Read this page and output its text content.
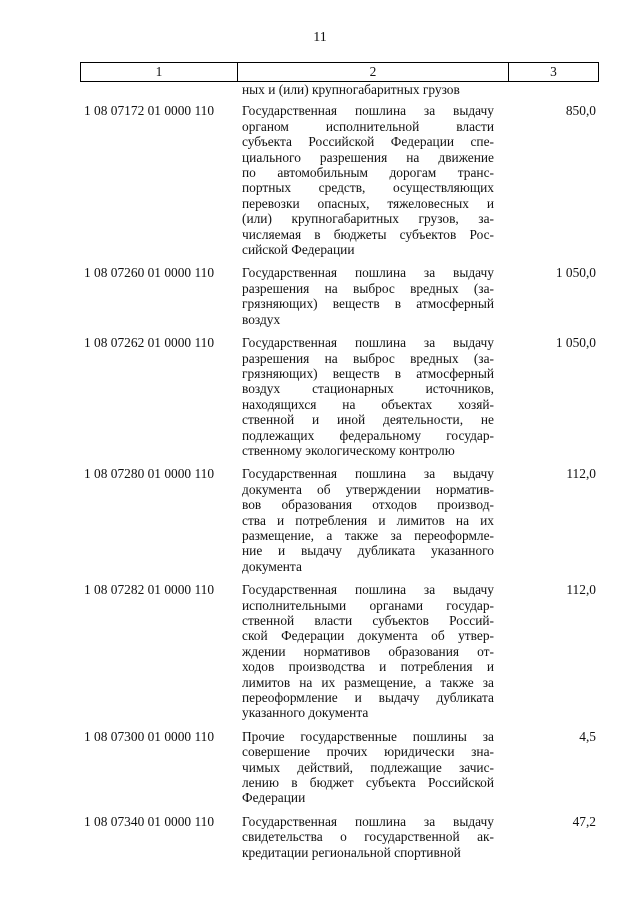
11
1	2	3
ных и (или) крупногабаритных грузов
1 08 07172 01 0000 110	Государственная пошлина за выдачу
органом исполнительной власти
субъекта Российской Федерации спе-
циального разрешения на движение
по автомобильным дорогам транс-
портных средств, осуществляющих
перевозки опасных, тяжеловесных и
(или) крупногабаритных грузов, за-
числяемая в бюджеты субъектов Рос-
сийской Федерации
850,0
1 08 07260 01 0000 110	Государственная пошлина за выдачу
разрешения на выброс вредных (за-
грязняющих) веществ в атмосферный
воздух
1 050,0
1 08 07262 01 0000 110	Государственная пошлина за выдачу
разрешения на выброс вредных (за-
грязняющих) веществ в атмосферный
воздух стационарных источников,
находящихся на объектах хозяй-
ственной и иной деятельности, не
подлежащих федеральному государ-
ственному экологическому контролю
1 050,0
1 08 07280 01 0000 110	Государственная пошлина за выдачу
документа об утверждении норматив-
вов образования отходов производ-
ства и потребления и лимитов на их
размещение, а также за переоформле-
ние и выдачу дубликата указанного
документа
112,0
1 08 07282 01 0000 110	Государственная пошлина за выдачу
исполнительными органами государ-
ственной власти субъектов Россий-
ской Федерации документа об утвер-
ждении нормативов образования от-
ходов производства и потребления и
лимитов на их размещение, а также за
переоформление и выдачу дубликата
указанного документа
112,0
1 08 07300 01 0000 110	Прочие государственные пошлины за
совершение прочих юридически зна-
чимых действий, подлежащие зачис-
лению в бюджет субъекта Российской
Федерации
4,5
1 08 07340 01 0000 110	Государственная пошлина за выдачу
свидетельства о государственной ак-
кредитации региональной спортивной
47,2
